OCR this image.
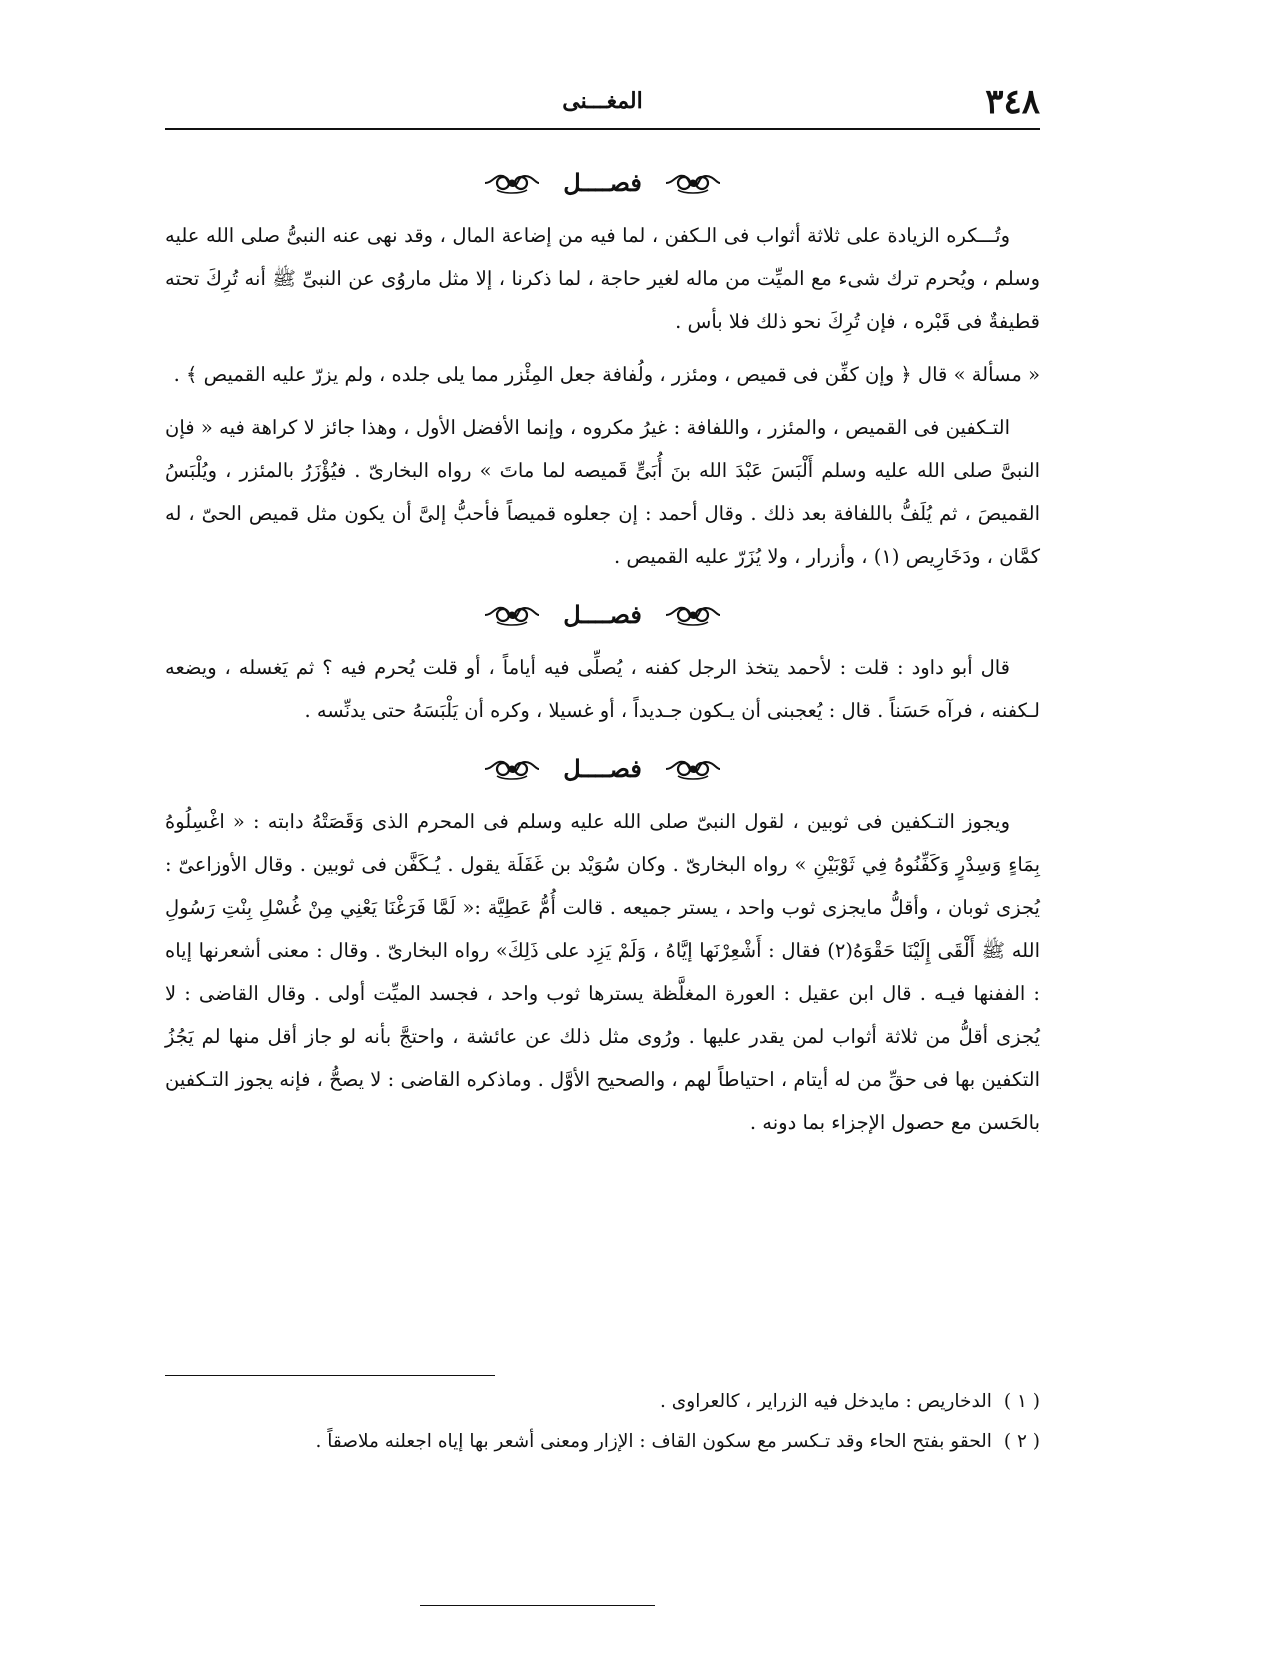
٣٤٨
المغـــنى
فصــــل

وتُـــكره الزيادة على ثلاثة أثواب فى الـكفن ، لما فيه من إضاعة المال ، وقد نهى عنه النبىُّ صلى الله عليه وسلم ، ويُحرم ترك شىء مع الميِّت من ماله لغير حاجة ، لما ذكرنا ، إلا مثل ماروُى عن النبىِّ ﷺ أنه تُرِكَ تحته قطيفةٌ فى قَبْره ، فإن تُرِكَ نحو ذلك فلا بأس .

« مسألة » قال ﴿ وإن كفِّن فى قميص ، ومئزر ، ولُفافة جعل المِئْزر مما يلى جلده ، ولم يزرّ عليه القميص ﴾ .

التـكفين فى القميص ، والمئزر ، واللفافة : غيرُ مكروه ، وإنما الأفضل الأول ، وهذا جائز لا كراهة فيه « فإن النبىَّ صلى الله عليه وسلم أَلْبَسَ عَبْدَ الله بنَ أُبَىٍّ قَميصه لما ماتَ » رواه البخارىّ . فيُؤْزَرُ بالمئزر ، ويُلْبَسُ القميصَ ، ثم يُلَفُّ باللفافة بعد ذلك . وقال أحمد : إن جعلوه قميصاً فأحبُّ إلىَّ أن يكون مثل قميص الحىّ ، له كمَّان ، ودَخَارِيص (١) ، وأزرار ، ولا يُزَرّ عليه القميص .

فصــــل

قال أبو داود : قلت : لأحمد يتخذ الرجل كفنه ، يُصلِّى فيه أياماً ، أو قلت يُحرم فيه ؟ ثم يَغسله ، ويضعه لـكفنه ، فرآه حَسَناً . قال : يُعجبنى أن يـكون جـديداً ، أو غسيلا ، وكره أن يَلْبَسَهُ حتى يدنِّسه .

فصــــل

ويجوز التـكفين فى ثوبين ، لقول النبىّ صلى الله عليه وسلم فى المحرم الذى وَقَصَتْهُ دابته : « اغْسِلُوهُ بِمَاءٍ وَسِدْرٍ وَكَفِّنُوهُ فِي ثَوْبَيْنِ » رواه البخارىّ . وكان سُوَيْد بن غَفَلَة يقول . يُـكَفَّن فى ثوبين . وقال الأوزاعىّ : يُجزى ثوبان ، وأقلُّ مايجزى ثوب واحد ، يستر جميعه . قالت أُمُّ عَطِيَّة :« لَمَّا فَرَغْنَا يَعْنِي مِنْ غُسْلِ بِنْتِ رَسُولِ الله ﷺ أَلْقَى إِلَيْنَا حَقْوَهُ(٢) فقال : أَشْعِرْنَها إيَّاهُ ، وَلَمْ يَزِد على ذَلِكَ» رواه البخارىّ . وقال : معنى أشعرنها إياه : الففنها فيـه . قال ابن عقيل : العورة المغلَّظة يسترها ثوب واحد ، فجسد الميِّت أولى . وقال القاضى : لا يُجزى أقلُّ من ثلاثة أثواب لمن يقدر عليها . ورُوى مثل ذلك عن عائشة ، واحتجَّ بأنه لو جاز أقل منها لم يَجُزُ التكفين بها فى حقِّ من له أيتام ، احتياطاً لهم ، والصحيح الأوَّل . وماذكره القاضى : لا يصحُّ ، فإنه يجوز التـكفين بالحَسن مع حصول الإجزاء بما دونه .

( ١ ) الدخاريص : مايدخل فيه الزراير ، كالعراوى .

( ٢ ) الحقو بفتح الحاء وقد تـكسر مع سكون القاف : الإزار ومعنى أشعر بها إياه اجعلنه ملاصقاً .
